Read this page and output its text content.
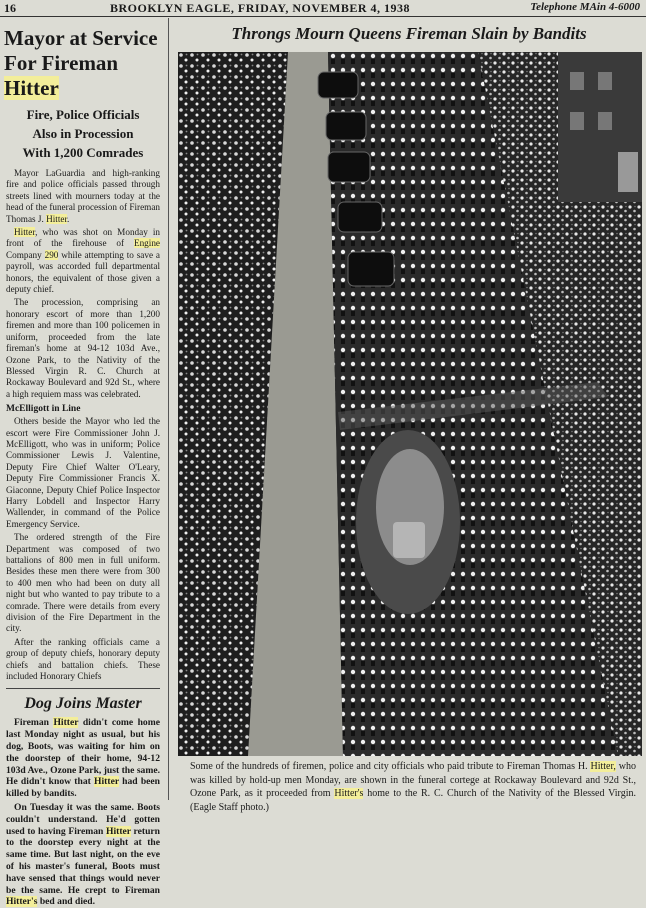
16	BROOKLYN EAGLE, FRIDAY, NOVEMBER 4, 1938	Telephone MAin 4-6000
Mayor at Service
For Fireman Hitter
Fire, Police Officials
Also in Procession
With 1,200 Comrades

Mayor LaGuardia and high-ranking fire and police officials passed through streets lined with mourners today at the head of the funeral procession of Fireman Thomas J. Hitter.

Hitter, who was shot on Monday in front of the firehouse of Engine Company 290 while attempting to save a payroll, was accorded full departmental honors, the equivalent of those given a deputy chief.

The procession, comprising an honorary escort of more than 1,200 firemen and more than 100 policemen in uniform, proceeded from the late fireman's home at 94-12 103d Ave., Ozone Park, to the Nativity of the Blessed Virgin R. C. Church at Rockaway Boulevard and 92d St., where a high requiem mass was celebrated.

McElligott in Line

Others beside the Mayor who led the escort were Fire Commissioner John J. McElligott, who was in uniform; Police Commissioner Lewis J. Valentine, Deputy Fire Chief Walter O'Leary, Deputy Fire Commissioner Francis X. Giaconne, Deputy Chief Police Inspector Harry Lobdell and Inspector Harry Wallender, in command of the Police Emergency Service.

The ordered strength of the Fire Department was composed of two battalions of 800 men in full uniform. Besides these men there were from 300 to 400 men who had been on duty all night but who wanted to pay tribute to a comrade. There were details from every division of the Fire Department in the city.

After the ranking officials came a group of deputy chiefs, honorary deputy chiefs and battalion chiefs. These included Honorary Chiefs

Dog Joins Master

Fireman Hitter didn't come home last Monday night as usual, but his dog, Boots, was waiting for him on the doorstep of their home, 94-12 103d Ave., Ozone Park, just the same. He didn't know that Hitter had been killed by bandits.

On Tuesday it was the same. Boots couldn't understand. He'd gotten used to having Fireman Hitter return to the doorstep every night at the same time. But last night, on the eve of his master's funeral, Boots must have sensed that things would never be the same. He crept to Fireman Hitter's bed and died.

Throngs Mourn Queens Fireman Slain by Bandits
Some of the hundreds of firemen, police and city officials who paid tribute to Fireman Thomas H. Hitter, who was killed by hold-up men Monday, are shown in the funeral cortege at Rockaway Boulevard and 92d St., Ozone Park, as it proceeded from Hitter's home to the R. C. Church of the Nativity of the Blessed Virgin. (Eagle Staff photo.)
